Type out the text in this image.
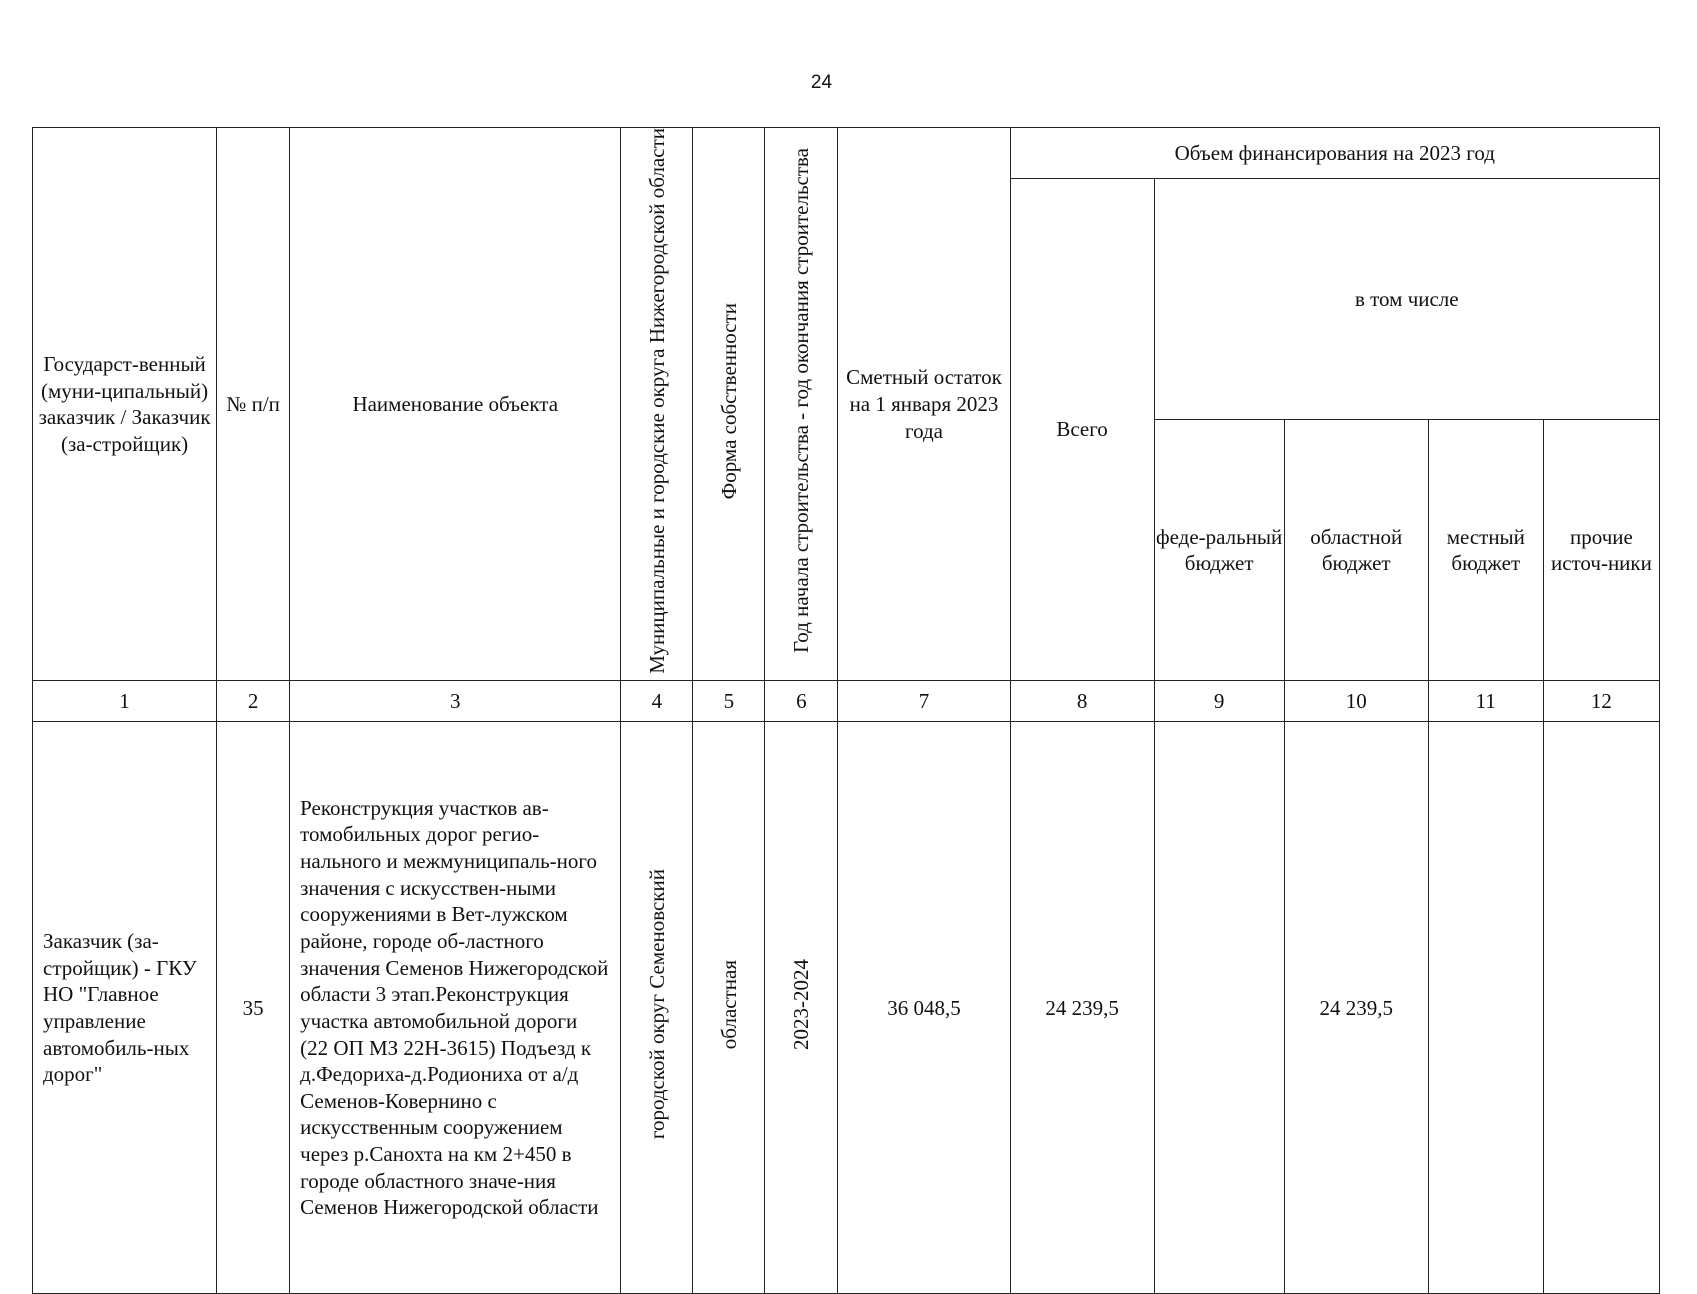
24
Государст-венный (муни-ципальный) заказчик / Заказчик (за-стройщик)	№ п/п	Наименование объекта	Муниципальные и городские округа Нижегородской области	Форма собственности	Год начала строительства - год окончания строительства	Сметный остаток на 1 января 2023 года	Объем финансирования на 2023 год				
							Всего	в том числе			
								феде-ральный бюджет	областной бюджет	местный бюджет	прочие источ-ники
1	2	3	4	5	6	7	8	9	10	11	12
Заказчик (за-стройщик) - ГКУ НО "Главное управление автомобиль-ных дорог"	35	Реконструкция участков ав-томобильных дорог регио-нального и межмуниципаль-ного значения с искусствен-ными сооружениями в Вет-лужском районе, городе об-ластного значения Семенов Нижегородской области 3 этап.Реконструкция участка автомобильной дороги (22 ОП МЗ 22Н-3615) Подъезд к д.Федориха-д.Родиониха от а/д Семенов-Ковернино с искусственным сооружением через р.Санохта на км 2+450 в городе областного значе-ния Семенов Нижегородской области	городской округ Семеновский	областная	2023-2024	36 048,5	24 239,5		24 239,5		
